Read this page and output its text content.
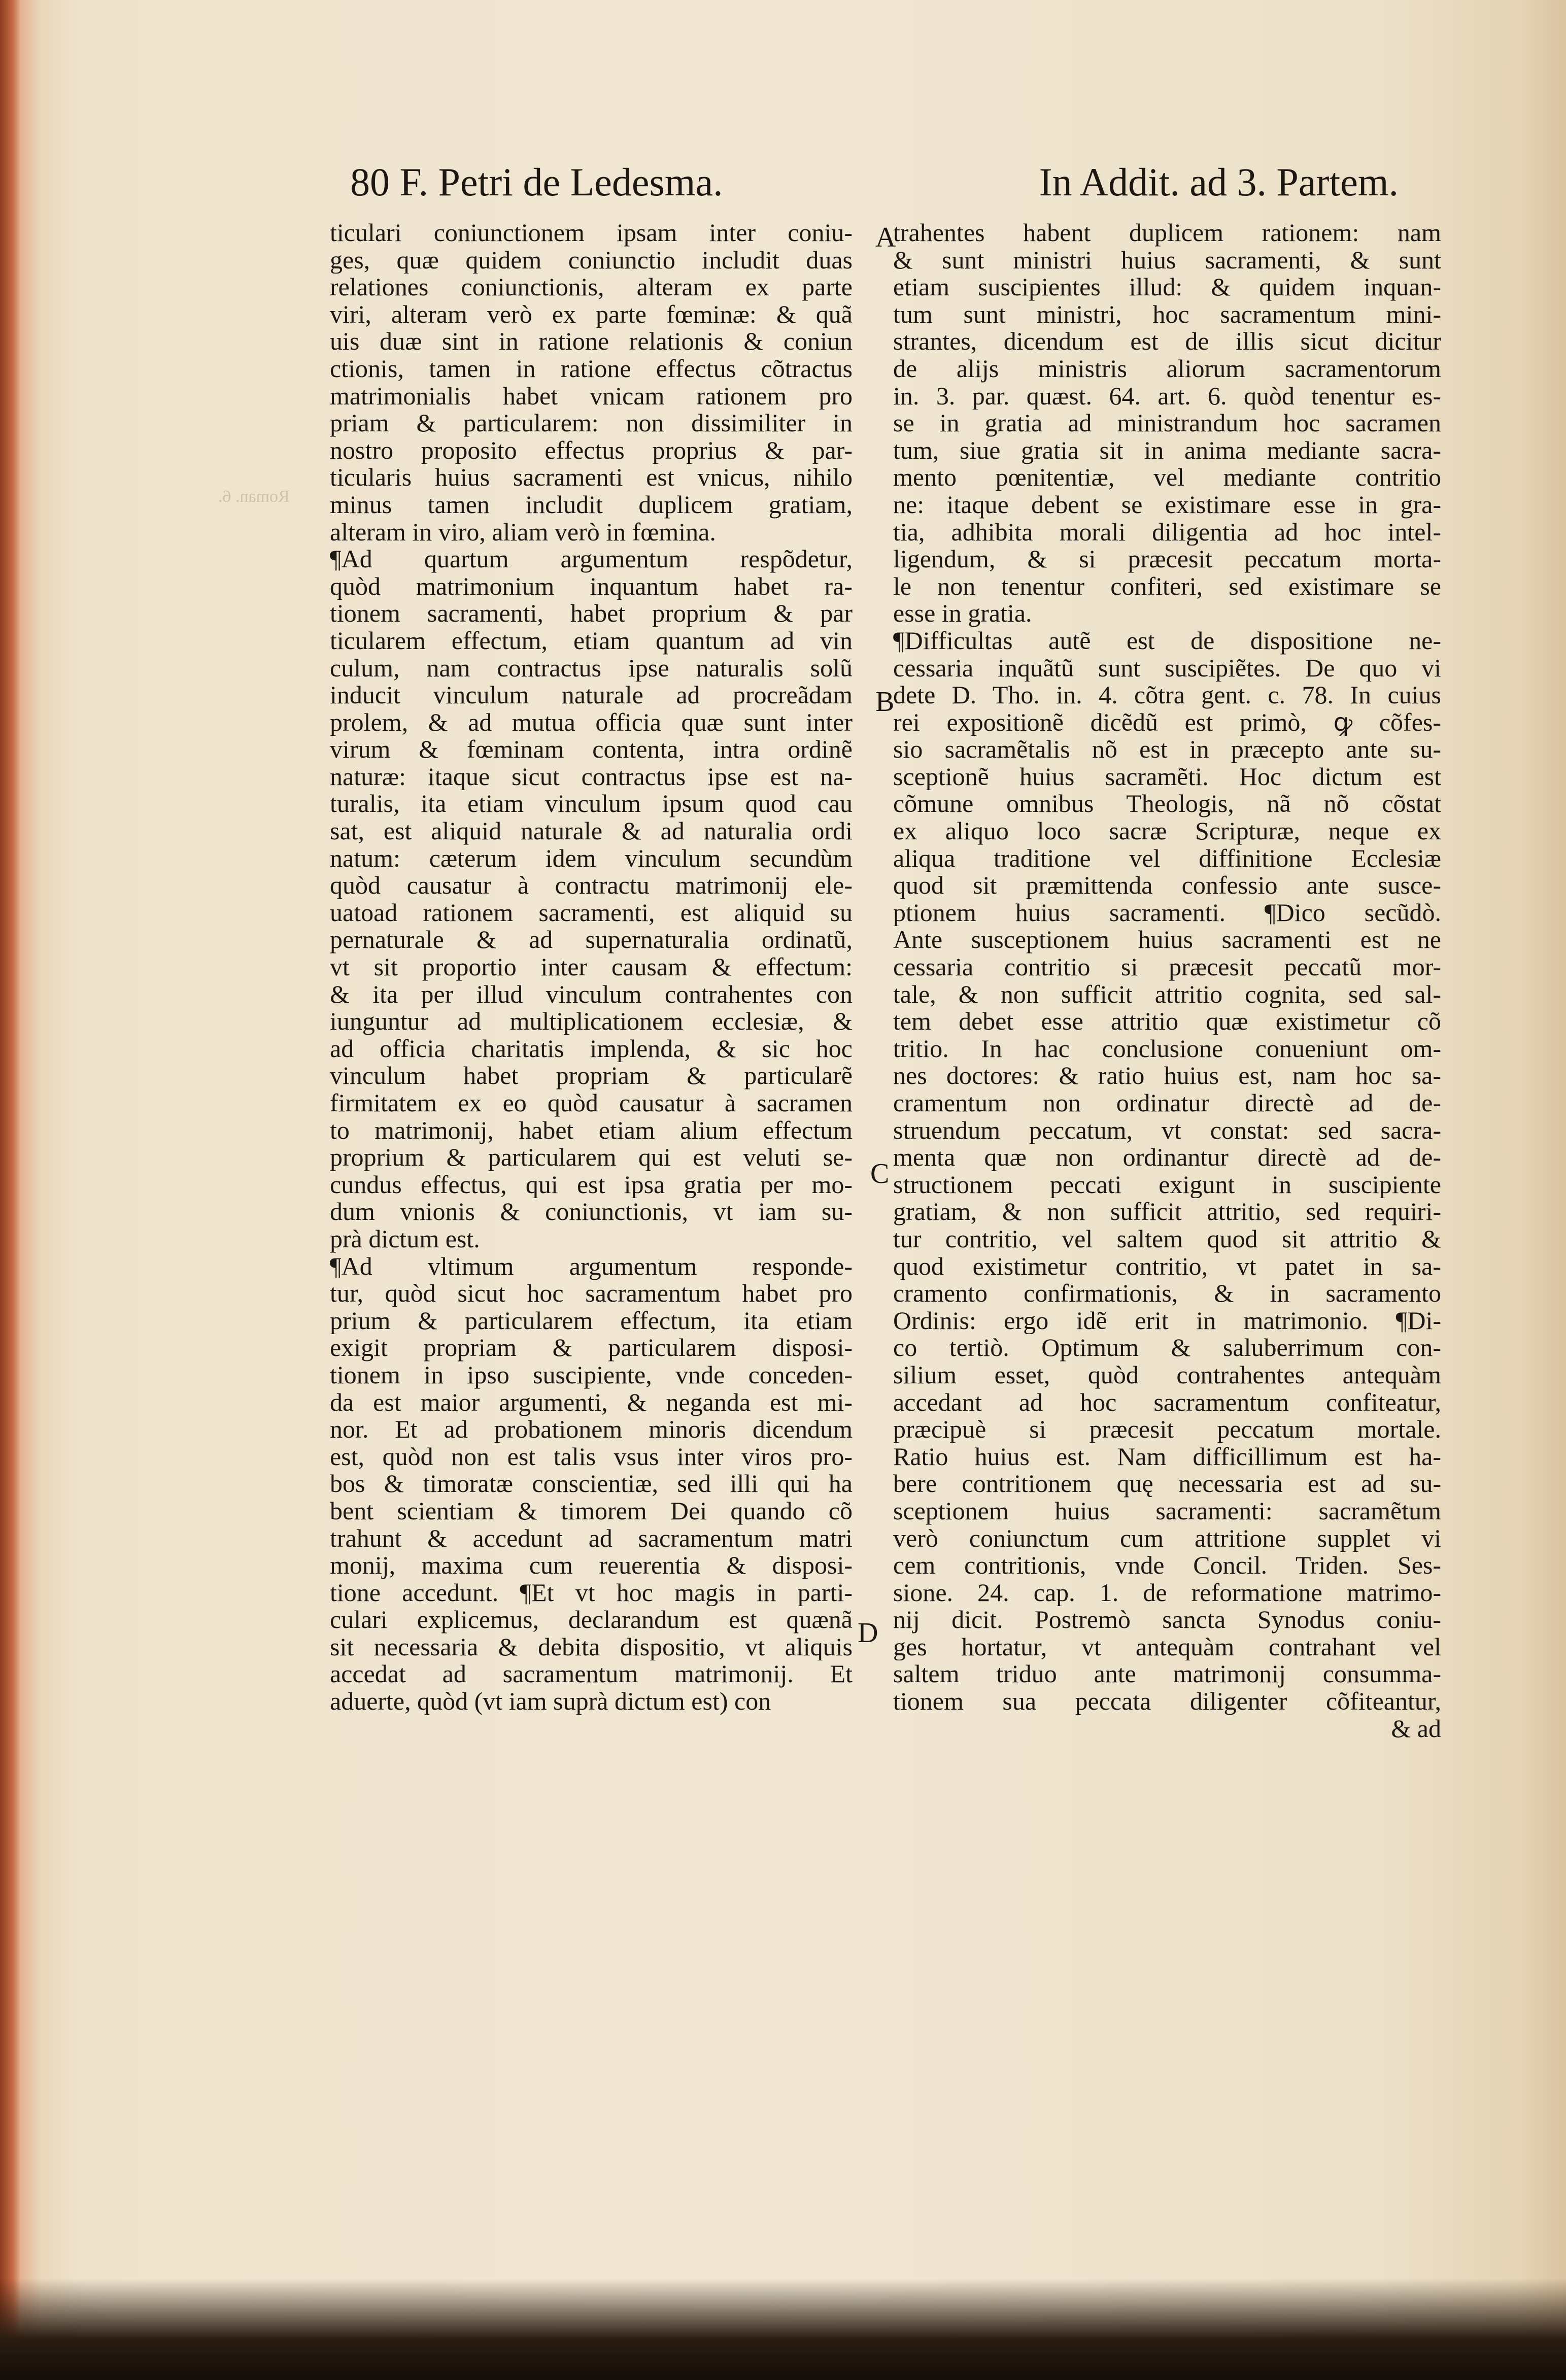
Roman. 6.
80 F. Petri de Ledesma.	In Addit. ad 3. Partem.
ticulari coniunctionem ipsam inter coniu-
ges, quæ quidem coniunctio includit duas
relationes coniunctionis, alteram ex parte
viri, alteram verò ex parte fœminæ: & quã
uis duæ sint in ratione relationis & coniun
ctionis, tamen in ratione effectus cõtractus
matrimonialis habet vnicam rationem pro
priam & particularem: non dissimiliter in
nostro proposito effectus proprius & par-
ticularis huius sacramenti est vnicus, nihilo
minus tamen includit duplicem gratiam,
alteram in viro, aliam verò in fœmina.
¶Ad quartum argumentum respõdetur,
quòd matrimonium inquantum habet ra-
tionem sacramenti, habet proprium & par
ticularem effectum, etiam quantum ad vin
culum, nam contractus ipse naturalis solũ
inducit vinculum naturale ad procreãdam
prolem, & ad mutua officia quæ sunt inter
virum & fœminam contenta, intra ordinẽ
naturæ: itaque sicut contractus ipse est na-
turalis, ita etiam vinculum ipsum quod cau
sat, est aliquid naturale & ad naturalia ordi
natum: cæterum idem vinculum secundùm
quòd causatur à contractu matrimonij ele-
uatoad rationem sacramenti, est aliquid su
pernaturale & ad supernaturalia ordinatũ,
vt sit proportio inter causam & effectum:
& ita per illud vinculum contrahentes con
iunguntur ad multiplicationem ecclesiæ, &
ad officia charitatis implenda, & sic hoc
vinculum habet propriam & particularẽ
firmitatem ex eo quòd causatur à sacramen
to matrimonij, habet etiam alium effectum
proprium & particularem qui est veluti se-
cundus effectus, qui est ipsa gratia per mo-
dum vnionis & coniunctionis, vt iam su-
prà dictum est.
¶Ad vltimum argumentum responde-
tur, quòd sicut hoc sacramentum habet pro
prium & particularem effectum, ita etiam
exigit propriam & particularem disposi-
tionem in ipso suscipiente, vnde conceden-
da est maior argumenti, & neganda est mi-
nor. Et ad probationem minoris dicendum
est, quòd non est talis vsus inter viros pro-
bos & timoratæ conscientiæ, sed illi qui ha
bent scientiam & timorem Dei quando cõ
trahunt & accedunt ad sacramentum matri
monij, maxima cum reuerentia & disposi-
tione accedunt. ¶Et vt hoc magis in parti-
culari explicemus, declarandum est quænã
sit necessaria & debita dispositio, vt aliquis
accedat ad sacramentum matrimonij. Et
aduerte, quòd (vt iam suprà dictum est) con
trahentes habent duplicem rationem: nam
& sunt ministri huius sacramenti, & sunt
etiam suscipientes illud: & quidem inquan-
tum sunt ministri, hoc sacramentum mini-
strantes, dicendum est de illis sicut dicitur
de alijs ministris aliorum sacramentorum
in. 3. par. quæst. 64. art. 6. quòd tenentur es-
se in gratia ad ministrandum hoc sacramen
tum, siue gratia sit in anima mediante sacra-
mento pœnitentiæ, vel mediante contritio
ne: itaque debent se existimare esse in gra-
tia, adhibita morali diligentia ad hoc intel-
ligendum, & si præcesit peccatum morta-
le non tenentur confiteri, sed existimare se
esse in gratia.
¶Difficultas autẽ est de dispositione ne-
cessaria inquãtũ sunt suscipiẽtes. De quo vi
dete D. Tho. in. 4. cõtra gent. c. 78. In cuius
rei expositionẽ dicẽdũ est primò, ꝙ cõfes-
sio sacramẽtalis nõ est in præcepto ante su-
sceptionẽ huius sacramẽti. Hoc dictum est
cõmune omnibus Theologis, nã nõ cõstat
ex aliquo loco sacræ Scripturæ, neque ex
aliqua traditione vel diffinitione Ecclesiæ
quod sit præmittenda confessio ante susce-
ptionem huius sacramenti. ¶Dico secũdò.
Ante susceptionem huius sacramenti est ne
cessaria contritio si præcesit peccatũ mor-
tale, & non sufficit attritio cognita, sed sal-
tem debet esse attritio quæ existimetur cõ
tritio. In hac conclusione conueniunt om-
nes doctores: & ratio huius est, nam hoc sa-
cramentum non ordinatur directè ad de-
struendum peccatum, vt constat: sed sacra-
menta quæ non ordinantur directè ad de-
structionem peccati exigunt in suscipiente
gratiam, & non sufficit attritio, sed requiri-
tur contritio, vel saltem quod sit attritio &
quod existimetur contritio, vt patet in sa-
cramento confirmationis, & in sacramento
Ordinis: ergo idẽ erit in matrimonio. ¶Di-
co tertiò. Optimum & saluberrimum con-
silium esset, quòd contrahentes antequàm
accedant ad hoc sacramentum confiteatur,
præcipuè si præcesit peccatum mortale.
Ratio huius est. Nam difficillimum est ha-
bere contritionem quę necessaria est ad su-
sceptionem huius sacramenti: sacramẽtum
verò coniunctum cum attritione supplet vi
cem contritionis, vnde Concil. Triden. Ses-
sione. 24. cap. 1. de reformatione matrimo-
nij dicit. Postremò sancta Synodus coniu-
ges hortatur, vt antequàm contrahant vel
saltem triduo ante matrimonij consumma-
tionem sua peccata diligenter cõfiteantur,
& ad
A
B
C
D
